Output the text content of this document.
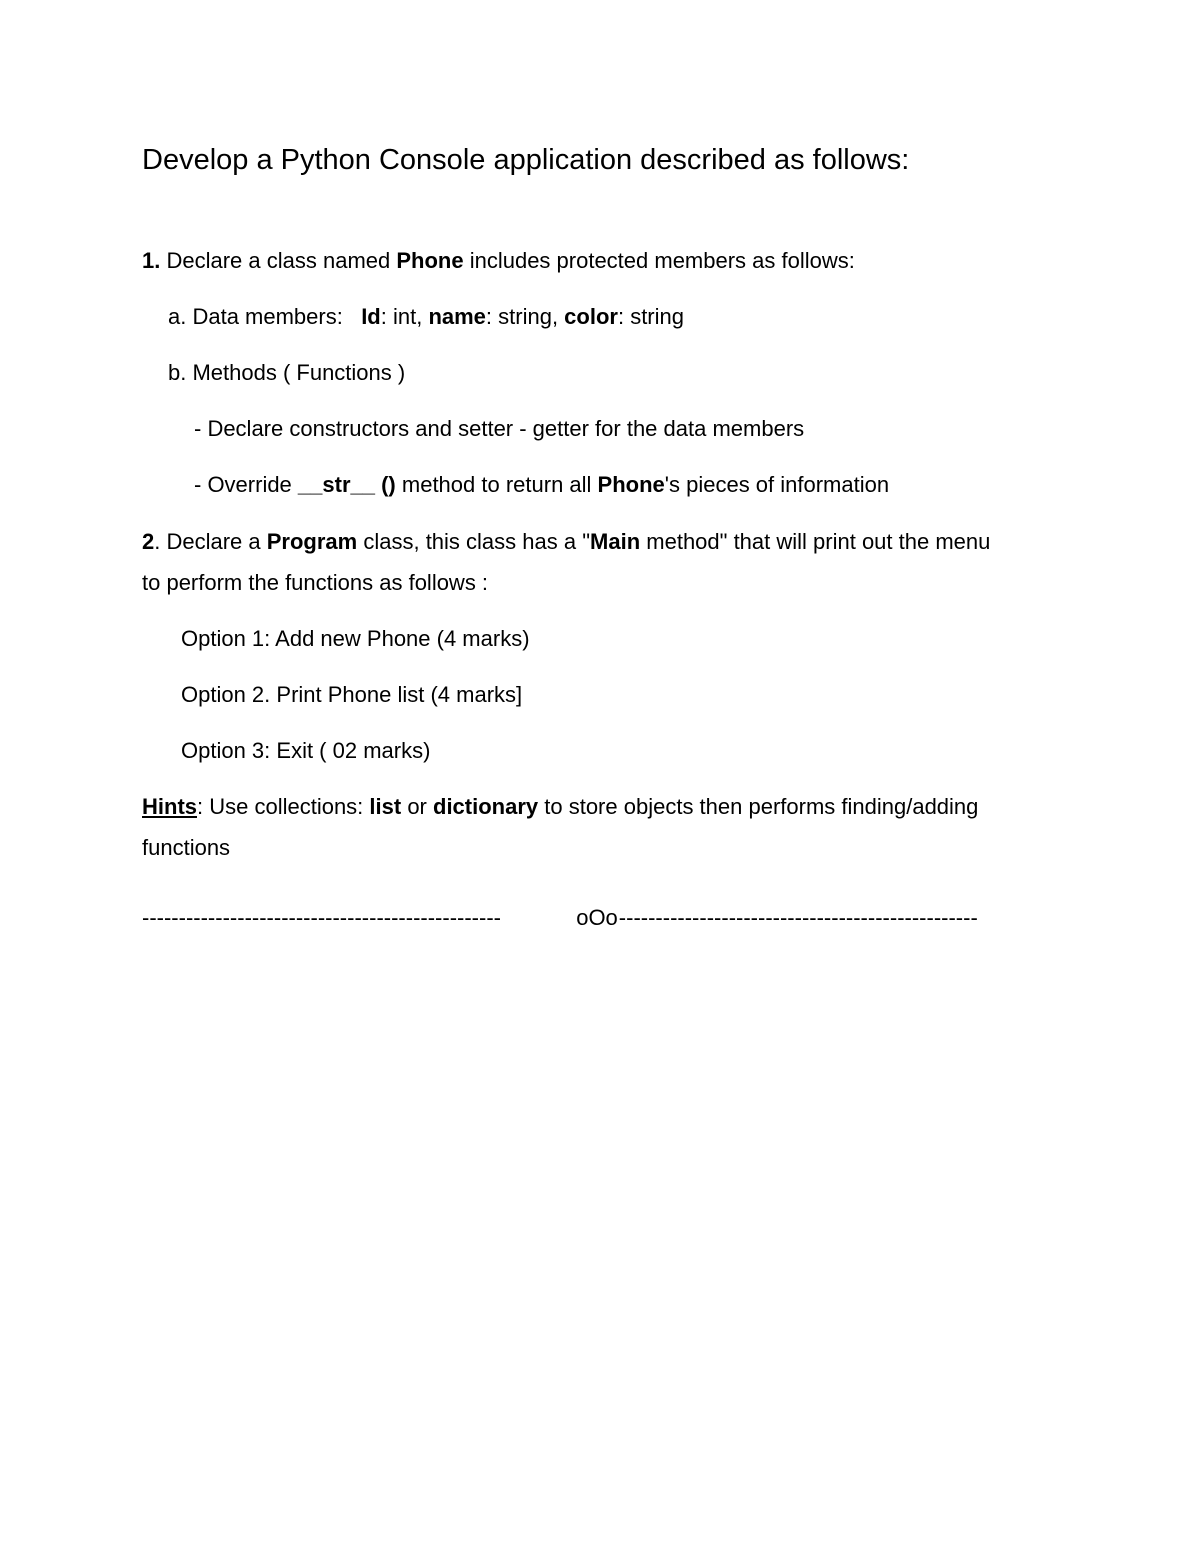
Develop a Python Console application described as follows:
1. Declare a class named Phone includes protected members as follows:
a. Data members:   Id: int, name: string, color: string
b. Methods ( Functions )
- Declare constructors and setter - getter for the data members
- Override __str__ () method to return all Phone's pieces of information
2. Declare a Program class, this class has a "Main method" that will print out the menu
to perform the functions as follows :
Option 1: Add new Phone (4 marks)
Option 2. Print Phone list (4 marks]
Option 3: Exit ( 02 marks)
Hints: Use collections: list or dictionary to store objects then performs finding/adding
functions
-------------------------------------------------	oOo -------------------------------------------------
